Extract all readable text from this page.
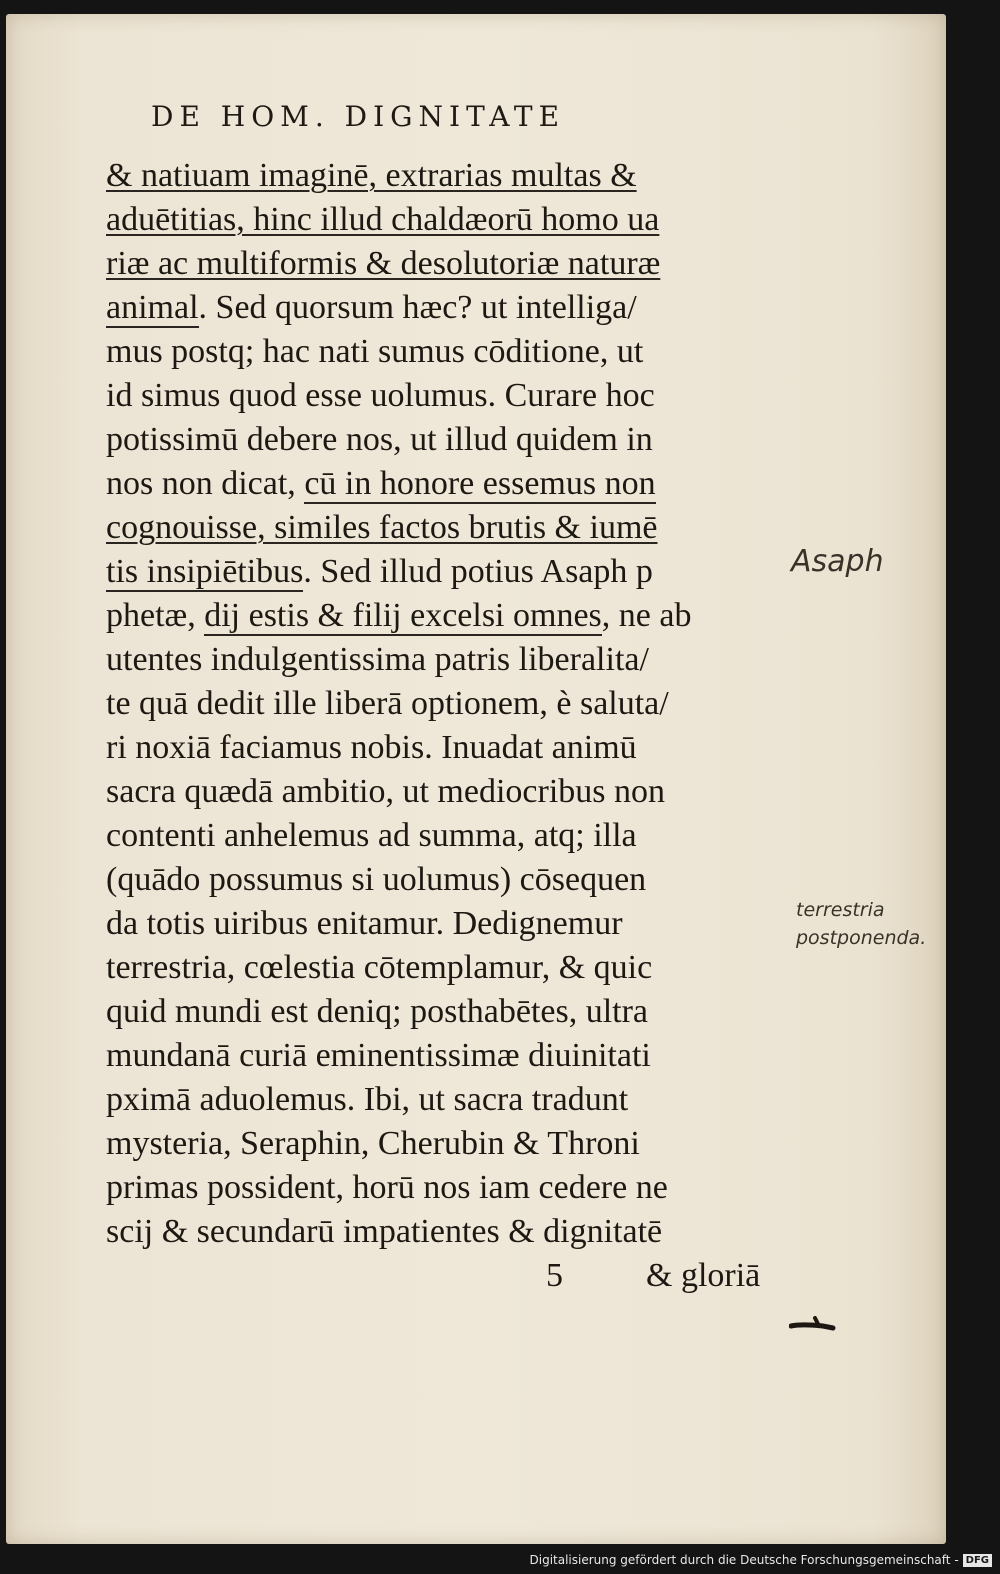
DE HOM. DIGNITATE
& natiuam imaginē, extrarias multas &
aduētitias, hinc illud chaldæorū homo ua
riæ ac multiformis & desolutoriæ naturæ
animal. Sed quorsum hæc? ut intelliga/
mus postq; hac nati sumus cōditione, ut
id simus quod esse uolumus. Curare hoc
potissimū debere nos, ut illud quidem in
nos non dicat, cū in honore essemus non
cognouisse, similes factos brutis & iumē
tis insipiētibus. Sed illud potius Asaph p
phetæ, dij estis & filij excelsi omnes, ne ab
utentes indulgentissima patris liberalita/
te quā dedit ille liberā optionem, è saluta/
ri noxiā faciamus nobis. Inuadat animū
sacra quædā ambitio, ut mediocribus non
contenti anhelemus ad summa, atq; illa
(quādo possumus si uolumus) cōsequen
da totis uiribus enitamur. Dedignemur
terrestria, cœlestia cōtemplamur, & quic
quid mundi est deniq; posthabētes, ultra
mundanā curiā eminentissimæ diuinitati
pximā aduolemus. Ibi, ut sacra tradunt
mysteria, Seraphin, Cherubin & Throni
primas possident, horū nos iam cedere ne
scij & secundarū impatientes & dignitatē
5 & gloriā
Asaph
terrestria
postponenda.
Digitalisierung gefördert durch die Deutsche Forschungsgemeinschaft - DFG
